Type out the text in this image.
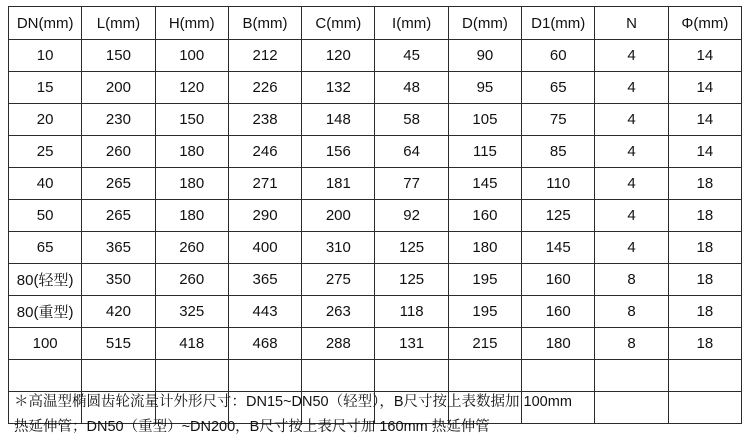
DN(mm)	L(mm)	H(mm)	B(mm)	C(mm)	I(mm)	D(mm)	D1(mm)	N	Φ(mm)
10	150	100	212	120	45	90	60	4	14
15	200	120	226	132	48	95	65	4	14
20	230	150	238	148	58	105	75	4	14
25	260	180	246	156	64	115	85	4	14
40	265	180	271	181	77	145	110	4	18
50	265	180	290	200	92	160	125	4	18
65	365	260	400	310	125	180	145	4	18
80(轻型)	350	260	365	275	125	195	160	8	18
80(重型)	420	325	443	263	118	195	160	8	18
100	515	418	468	288	131	215	180	8	18

＊高温型椭圆齿轮流量计外形尺寸：DN15~DN50（轻型），B尺寸按上表数据加 100mm
热延伸管；DN50（重型）~DN200，B尺寸按上表尺寸加 160mm 热延伸管
